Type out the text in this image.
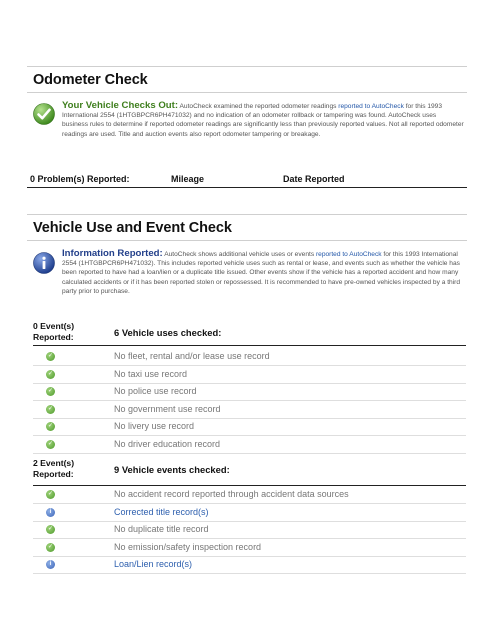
Odometer Check
Your Vehicle Checks Out: AutoCheck examined the reported odometer readings reported to AutoCheck for this 1993 International 2554 (1HTGBPCR6PH471032) and no indication of an odometer rollback or tampering was found. AutoCheck uses business rules to determine if reported odometer readings are significantly less than previously reported values. Not all reported odometer readings are used. Title and auction events also report odometer tampering or breakage.
0 Problem(s) Reported:	Mileage	Date Reported
Vehicle Use and Event Check
Information Reported: AutoCheck shows additional vehicle uses or events reported to AutoCheck for this 1993 International 2554 (1HTGBPCR6PH471032). This includes reported vehicle uses such as rental or lease, and events such as whether the vehicle has been reported to have had a loan/lien or a duplicate title issued. Other events show if the vehicle has a reported accident and how many calculated accidents or if it has been reported stolen or repossessed. It is recommended to have pre-owned vehicles inspected by a third party prior to purchase.
0 Event(s) Reported:	6 Vehicle uses checked:
✓	No fleet, rental and/or lease use record
✓	No taxi use record
✓	No police use record
✓	No government use record
✓	No livery use record
✓	No driver education record
2 Event(s) Reported:	9 Vehicle events checked:
✓	No accident record reported through accident data sources
i	Corrected title record(s)
✓	No duplicate title record
✓	No emission/safety inspection record
i	Loan/Lien record(s)
